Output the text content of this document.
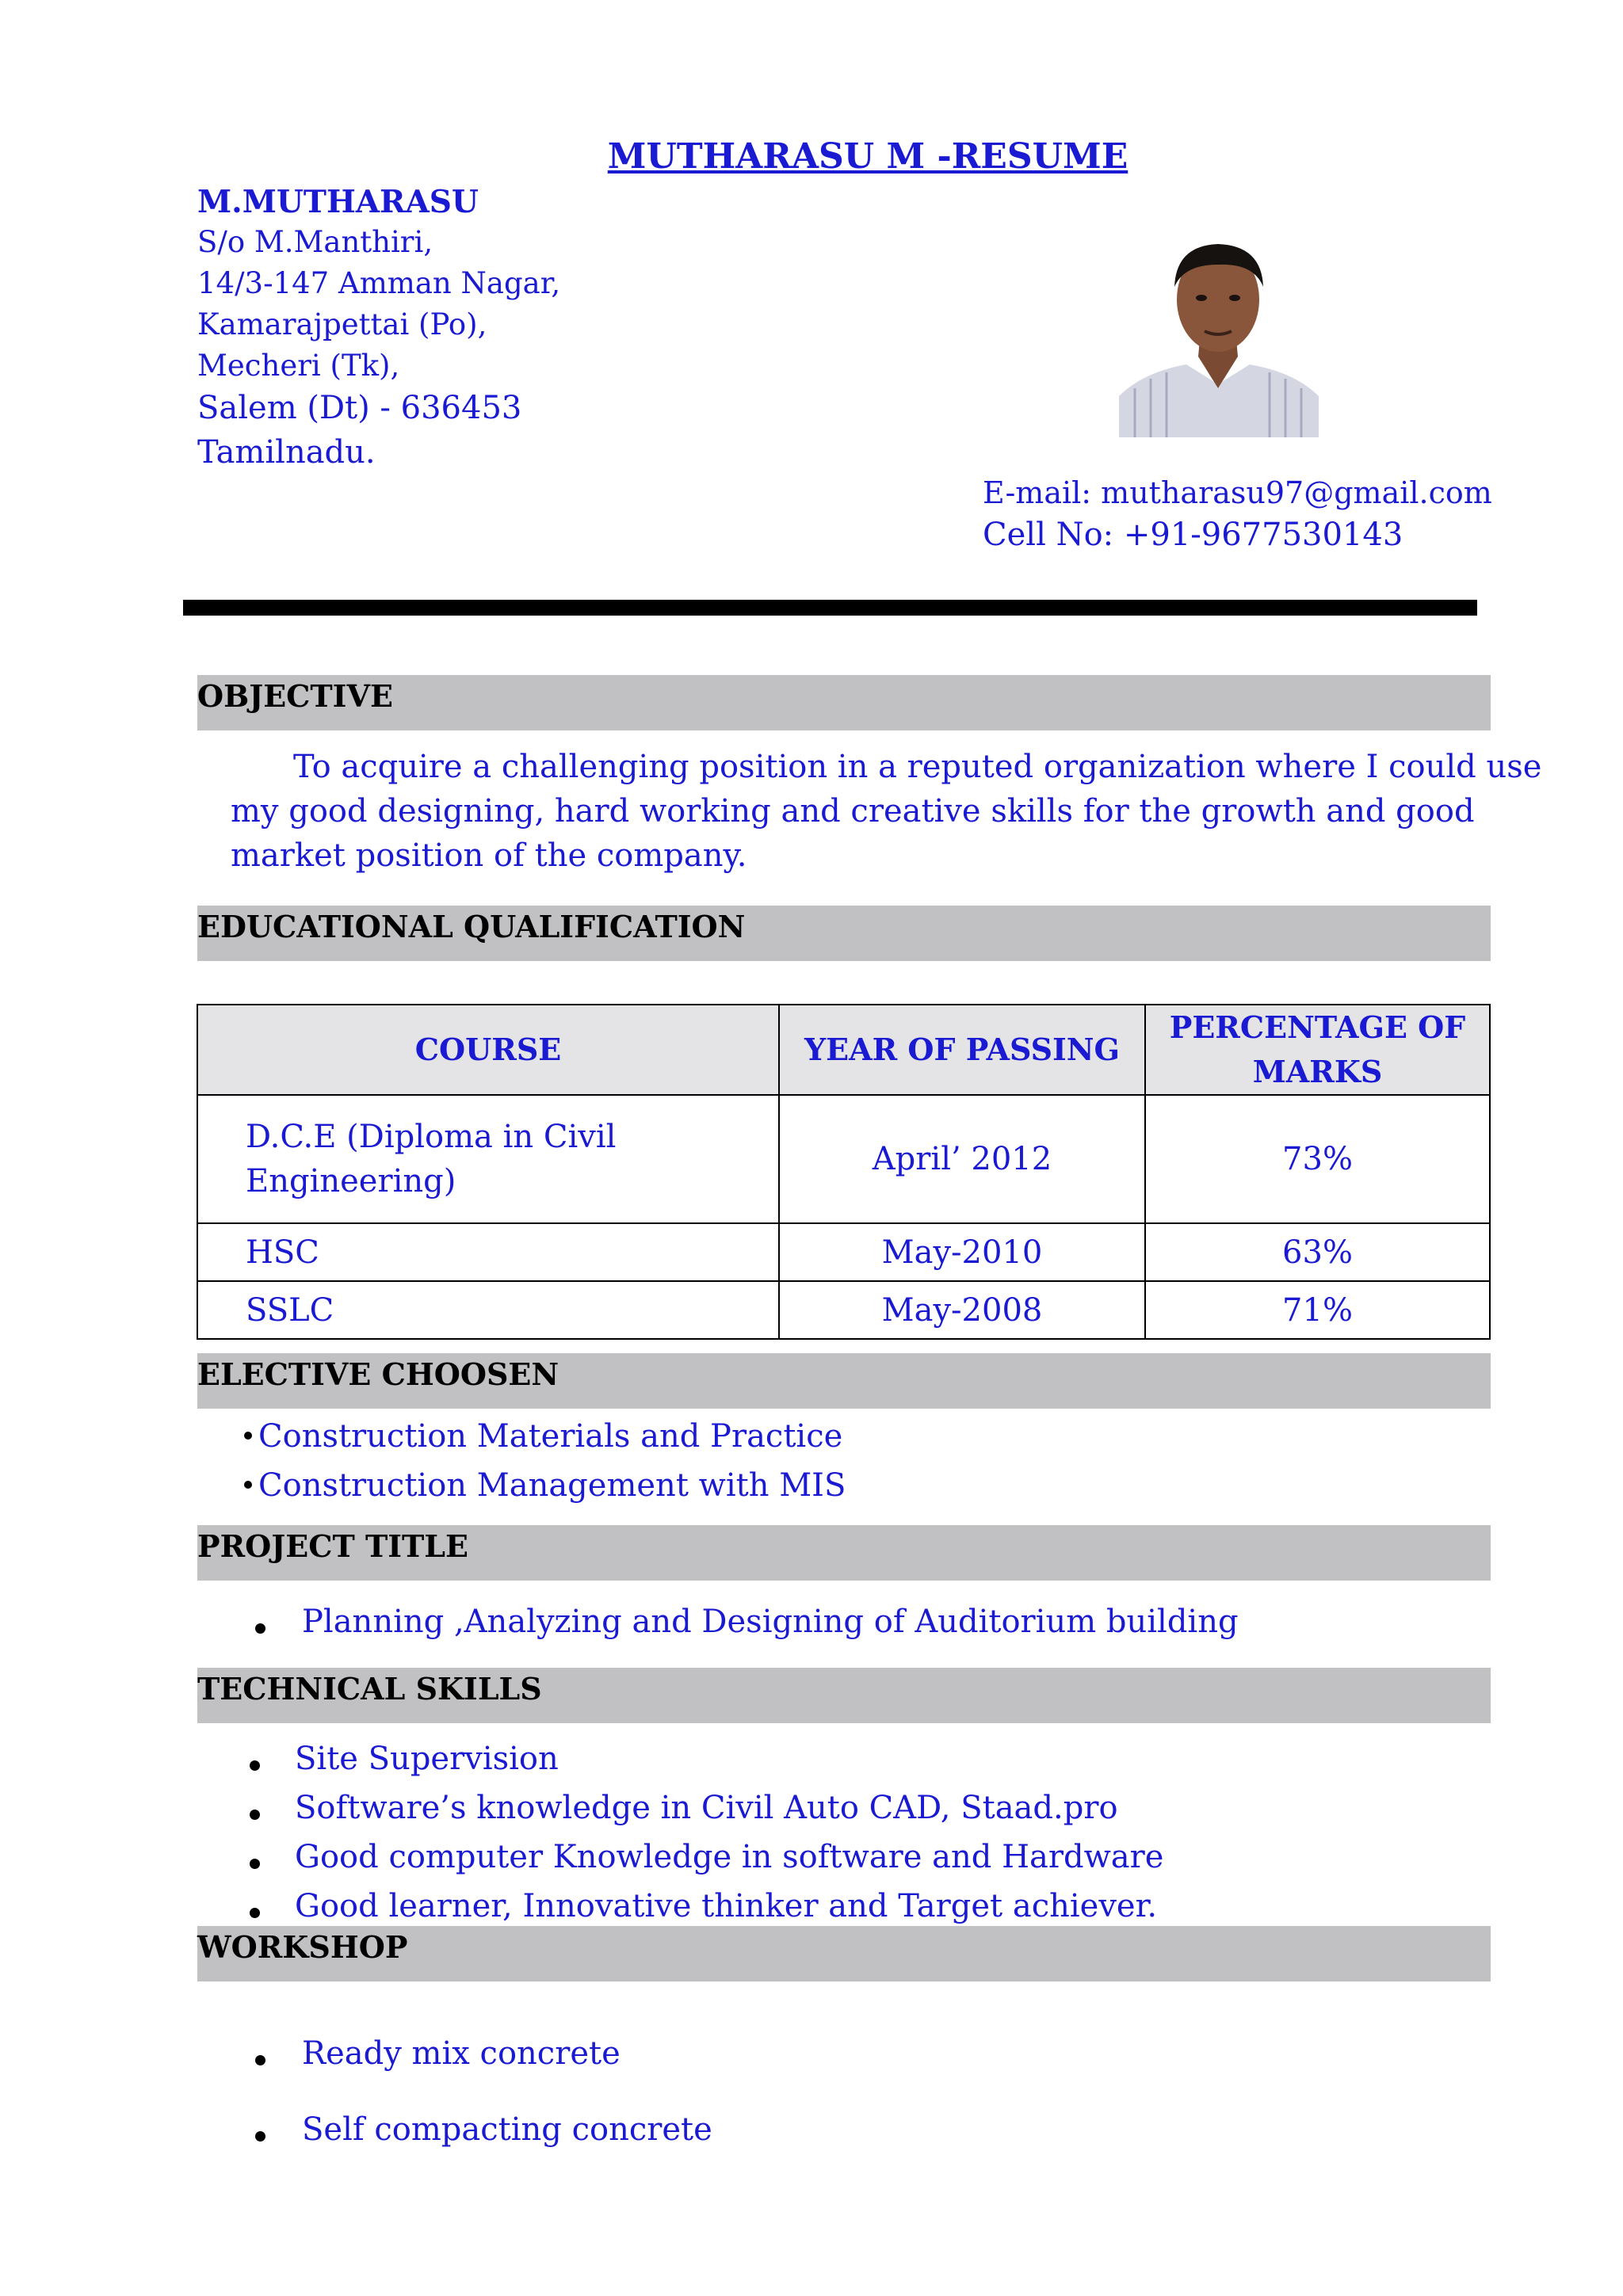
MUTHARASU M -RESUME
M.MUTHARASU
S/o M.Manthiri,
14/3-147 Amman Nagar,
Kamarajpettai (Po),
Mecheri (Tk),
Salem (Dt) - 636453
Tamilnadu.
E-mail: mutharasu97@gmail.com
Cell No: +91-9677530143
OBJECTIVE
To acquire a challenging position in a reputed organization where I could use
my good designing, hard working and creative skills for the growth and good
market position of the company.
EDUCATIONAL QUALIFICATION
COURSE	YEAR OF PASSING	PERCENTAGE OF MARKS

D.C.E (Diploma in Civil
Engineering)	April’ 2012	73%
HSC	May-2010	63%
SSLC	May-2008	71%
ELECTIVE CHOOSEN
Construction Materials and Practice
Construction Management with MIS
PROJECT TITLE
Planning ,Analyzing and Designing of Auditorium building
TECHNICAL SKILLS
Site Supervision
Software’s knowledge in Civil Auto CAD, Staad.pro
Good computer Knowledge in software and Hardware
Good learner, Innovative thinker and Target achiever.
WORKSHOP
Ready mix concrete
Self compacting concrete
